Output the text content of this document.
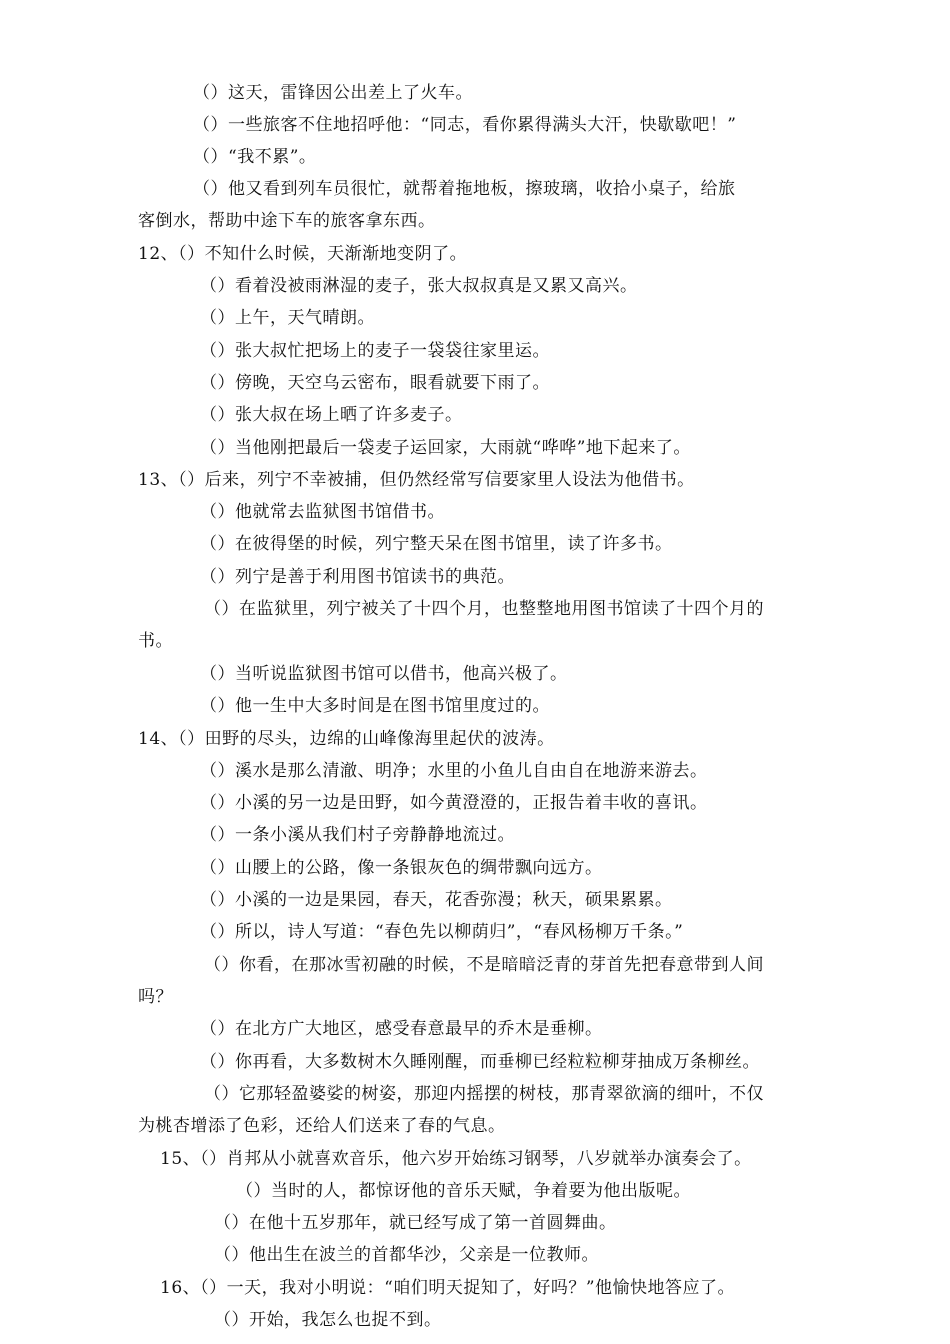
（）这天，雷锋因公出差上了火车。
（）一些旅客不住地招呼他：“同志，看你累得满头大汗，快歇歇吧！”
（）“我不累”。
（）他又看到列车员很忙，就帮着拖地板，擦玻璃，收拾小桌子，给旅
客倒水，帮助中途下车的旅客拿东西。
12、（）不知什么时候，天渐渐地变阴了。
（）看着没被雨淋湿的麦子，张大叔叔真是又累又高兴。
（）上午，天气晴朗。
（）张大叔忙把场上的麦子一袋袋往家里运。
（）傍晚，天空乌云密布，眼看就要下雨了。
（）张大叔在场上晒了许多麦子。
（）当他刚把最后一袋麦子运回家，大雨就“哗哗”地下起来了。
13、（）后来，列宁不幸被捕，但仍然经常写信要家里人设法为他借书。
（）他就常去监狱图书馆借书。
（）在彼得堡的时候，列宁整天呆在图书馆里，读了许多书。
（）列宁是善于利用图书馆读书的典范。
（）在监狱里，列宁被关了十四个月，也整整地用图书馆读了十四个月的
书。
（）当听说监狱图书馆可以借书，他高兴极了。
（）他一生中大多时间是在图书馆里度过的。
14、（）田野的尽头，边绵的山峰像海里起伏的波涛。
（）溪水是那么清澈、明净；水里的小鱼儿自由自在地游来游去。
（）小溪的另一边是田野，如今黄澄澄的，正报告着丰收的喜讯。
（）一条小溪从我们村子旁静静地流过。
（）山腰上的公路，像一条银灰色的绸带飘向远方。
（）小溪的一边是果园，春天，花香弥漫；秋天，硕果累累。
（）所以，诗人写道：“春色先以柳荫归”，“春风杨柳万千条。”
（）你看，在那冰雪初融的时候，不是暗暗泛青的芽首先把春意带到人间
吗？
（）在北方广大地区，感受春意最早的乔木是垂柳。
（）你再看，大多数树木久睡刚醒，而垂柳已经粒粒柳芽抽成万条柳丝。
（）它那轻盈婆娑的树姿，那迎内摇摆的树枝，那青翠欲滴的细叶，不仅
为桃杏增添了色彩，还给人们送来了春的气息。
15、（）肖邦从小就喜欢音乐，他六岁开始练习钢琴，八岁就举办演奏会了。
（）当时的人，都惊讶他的音乐天赋，争着要为他出版呢。
（）在他十五岁那年，就已经写成了第一首圆舞曲。
（）他出生在波兰的首都华沙，父亲是一位教师。
16、（）一天，我对小明说：“咱们明天捉知了，好吗？”他愉快地答应了。
（）开始，我怎么也捉不到。
